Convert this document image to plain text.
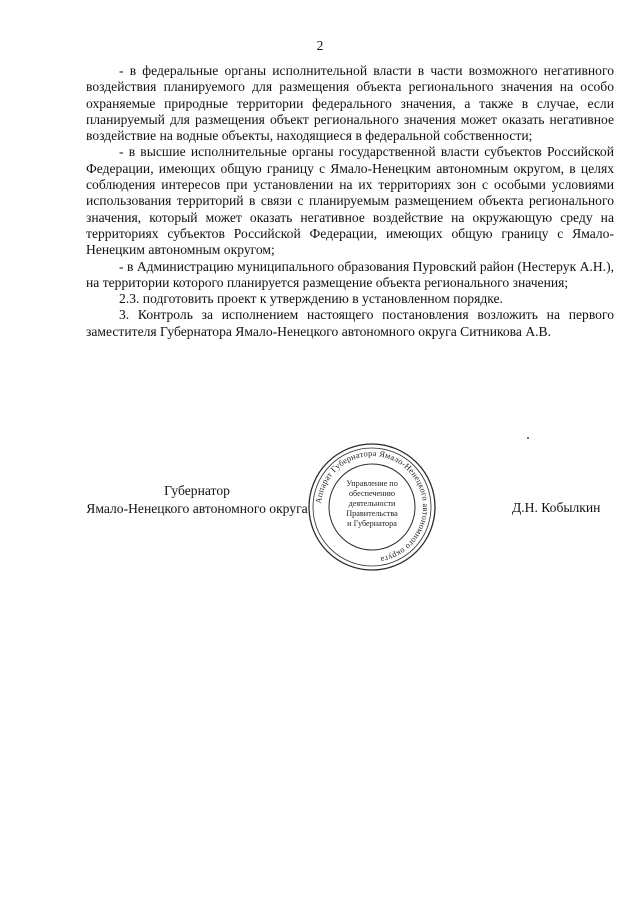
2

- в федеральные органы исполнительной власти в части возможного негативного воздействия планируемого для размещения объекта регионального значения на особо охраняемые природные территории федерального значения, а также в случае, если планируемый для размещения объект регионального значения может оказать негативное воздействие на водные объекты, находящиеся в федеральной собственности;

- в высшие исполнительные органы государственной власти субъектов Российской Федерации, имеющих общую границу с Ямало-Ненецким автономным округом, в целях соблюдения интересов при установлении на их территориях зон с особыми условиями использования территорий в связи с планируемым размещением объекта регионального значения, который может оказать негативное воздействие на окружающую среду на территориях субъектов Российской Федерации, имеющих общую границу с Ямало-Ненецким автономным округом;

- в Администрацию муниципального образования Пуровский район (Нестерук А.Н.), на территории которого планируется размещение объекта регионального значения;

2.3. подготовить проект к утверждению в установленном порядке.

3. Контроль за исполнением настоящего постановления возложить на первого заместителя Губернатора Ямало-Ненецкого автономного округа Ситникова А.В.

Губернатор
Ямало-Ненецкого автономного округа
Аппарат Губернатора Ямало-Ненецкого автономного округа
Управление по
обеспечению
деятельности
Правительства
и Губернатора
Д.Н. Кобылкин
